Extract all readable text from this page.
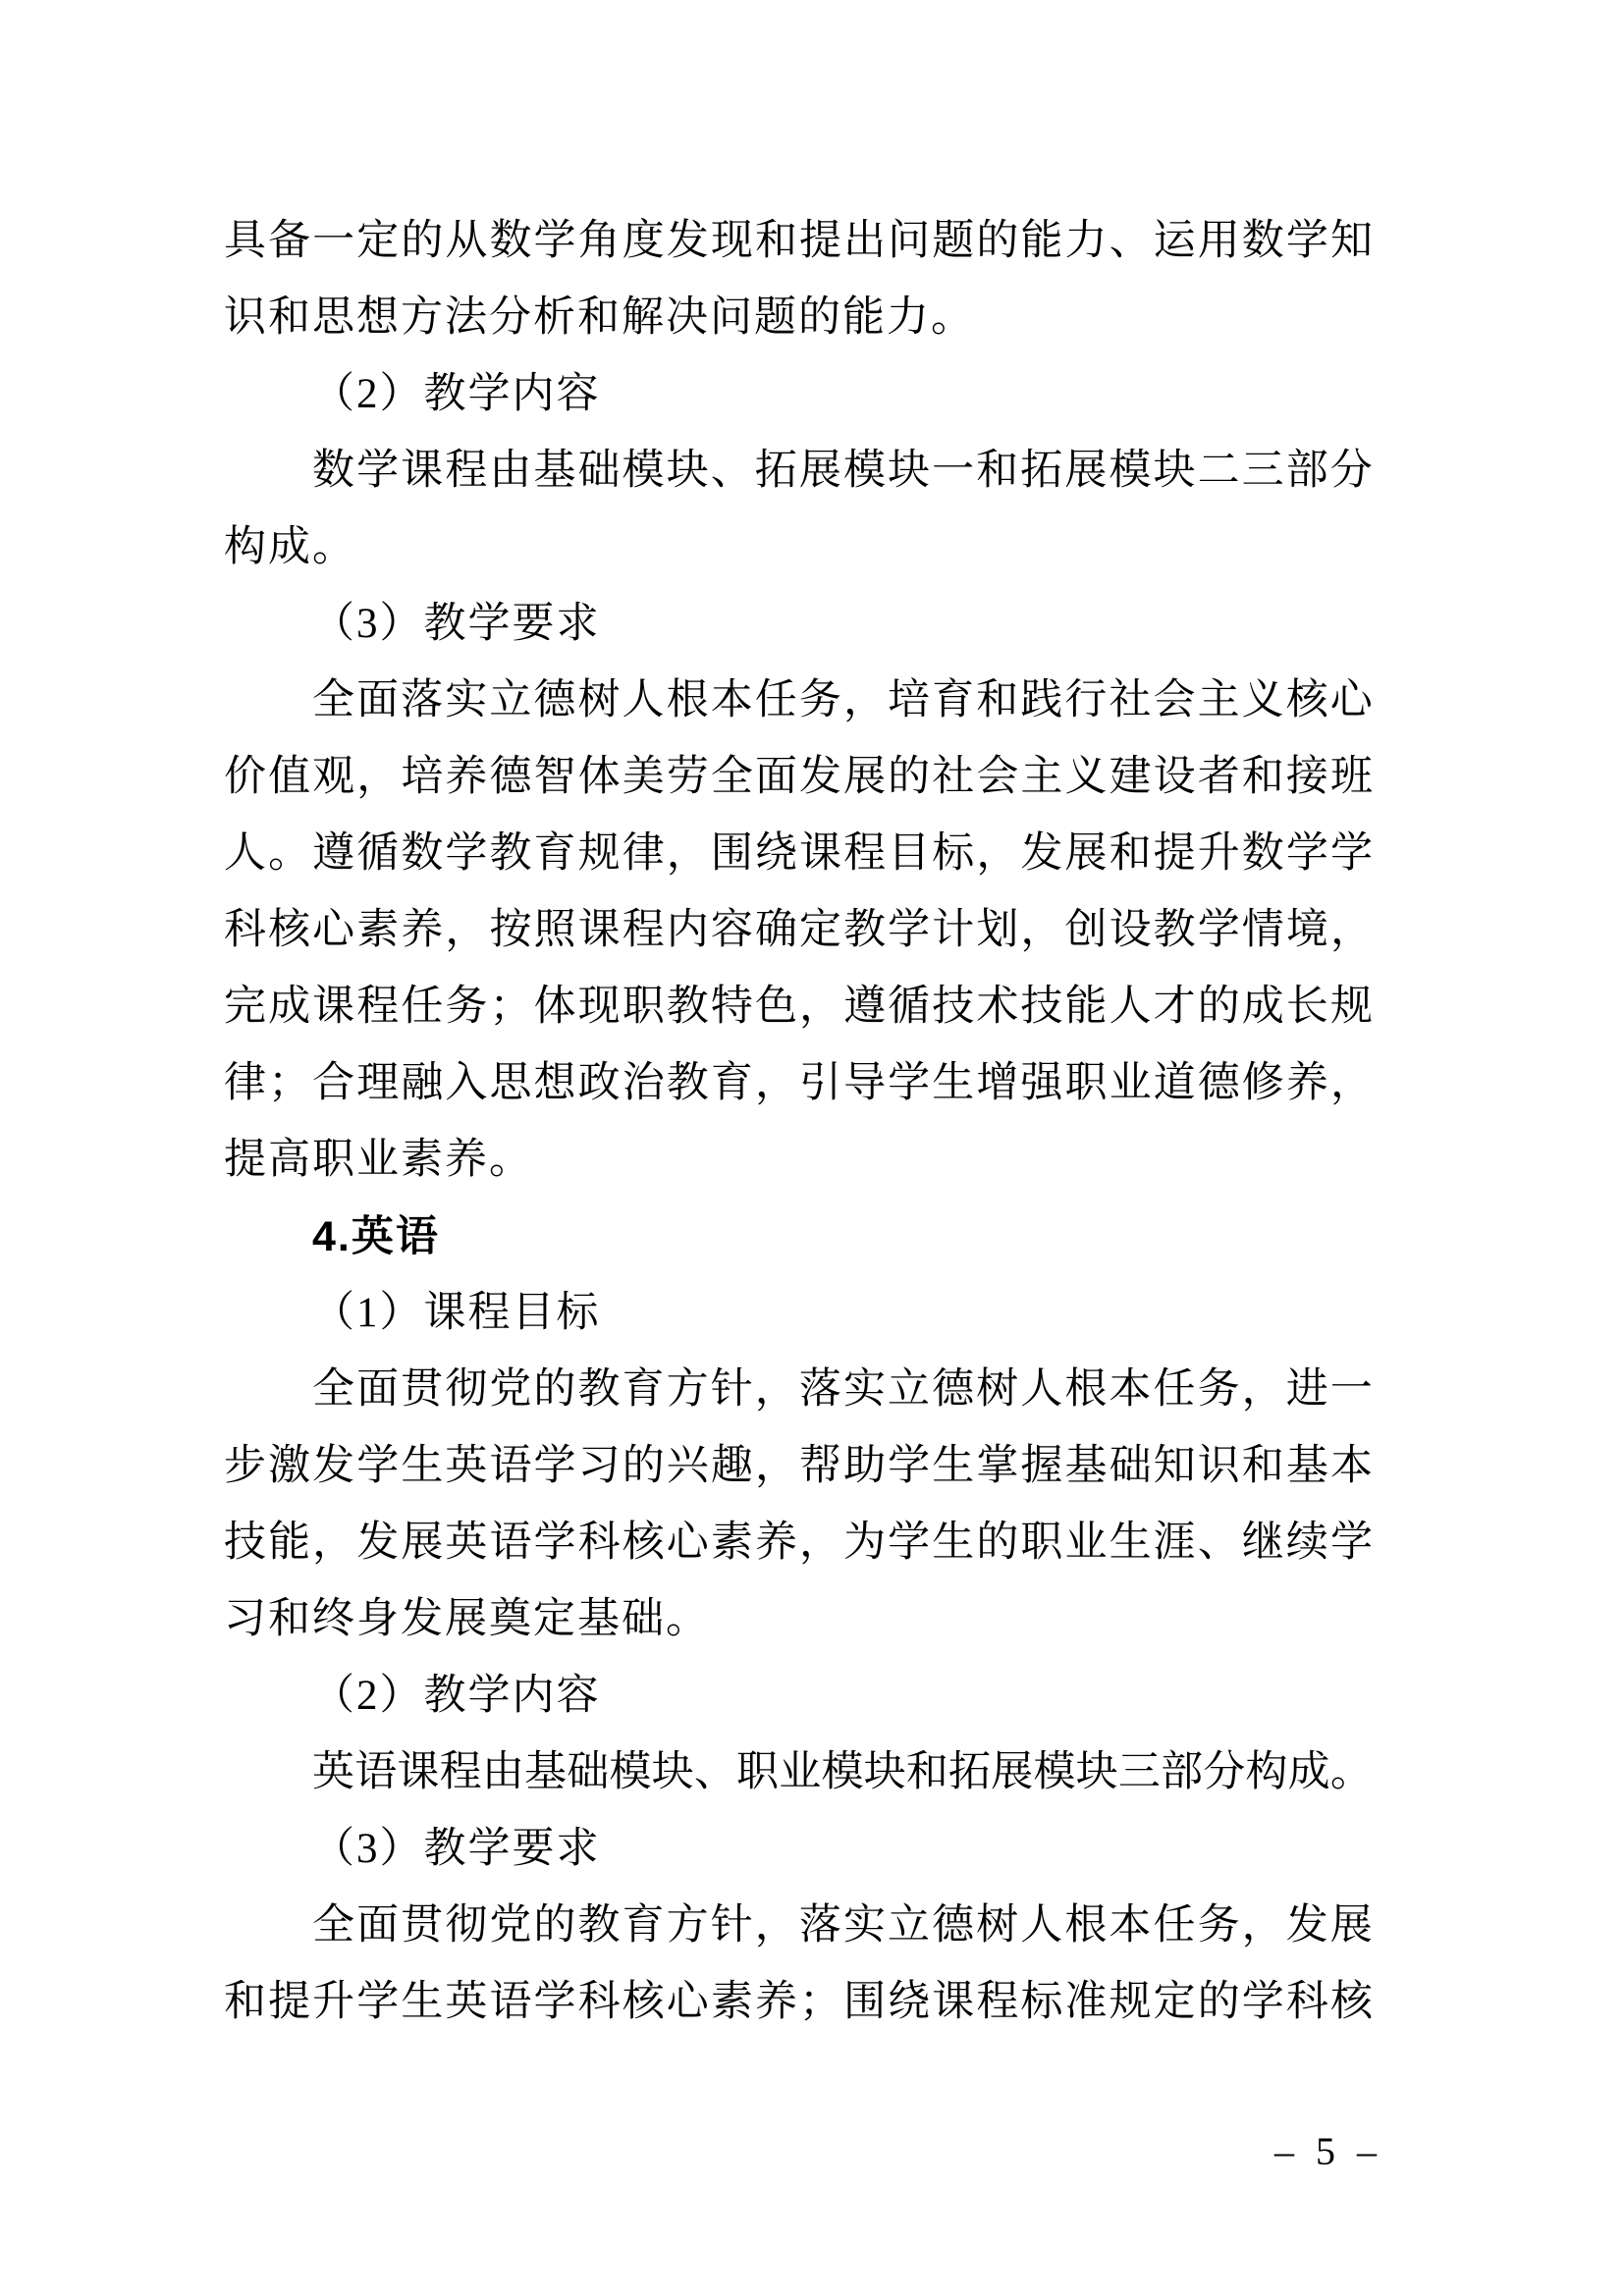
具 备 一 定 的 从 数 学 角 度 发 现 和 提 出 问 题 的 能 力 、 运 用 数 学 知
识和思想方法分析和解决问题的能力。
（2）教学内容
数 学 课 程 由 基 础 模 块 、 拓 展 模 块 一 和 拓 展 模 块 二 三 部 分
构成。
（3）教学要求
全 面 落 实 立 德 树 人 根 本 任 务 ， 培 育 和 践 行 社 会 主 义 核 心
价 值 观 ， 培 养 德 智 体 美 劳 全 面 发 展 的 社 会 主 义 建 设 者 和 接 班
人 。 遵 循 数 学 教 育 规 律 ， 围 绕 课 程 目 标 ， 发 展 和 提 升 数 学 学
科 核 心 素 养 ， 按 照 课 程 内 容 确 定 教 学 计 划 ， 创 设 教 学 情 境 ，
完 成 课 程 任 务 ； 体 现 职 教 特 色 ， 遵 循 技 术 技 能 人 才 的 成 长 规
律 ； 合 理 融 入 思 想 政 治 教 育 ， 引 导 学 生 增 强 职 业 道 德 修 养 ，
提高职业素养。
4.英语
（1）课程目标
全 面 贯 彻 党 的 教 育 方 针 ， 落 实 立 德 树 人 根 本 任 务 ， 进 一
步 激 发 学 生 英 语 学 习 的 兴 趣 ， 帮 助 学 生 掌 握 基 础 知 识 和 基 本
技 能 ， 发 展 英 语 学 科 核 心 素 养 ， 为 学 生 的 职 业 生 涯 、 继 续 学
习和终身发展奠定基础。
（2）教学内容
英 语 课 程 由 基 础 模 块 、 职 业 模 块 和 拓 展 模 块 三 部 分 构 成 。
（3）教学要求
全 面 贯 彻 党 的 教 育 方 针 ， 落 实 立 德 树 人 根 本 任 务 ， 发 展
和 提 升 学 生 英 语 学 科 核 心 素 养 ； 围 绕 课 程 标 准 规 定 的 学 科 核
– 5 –
